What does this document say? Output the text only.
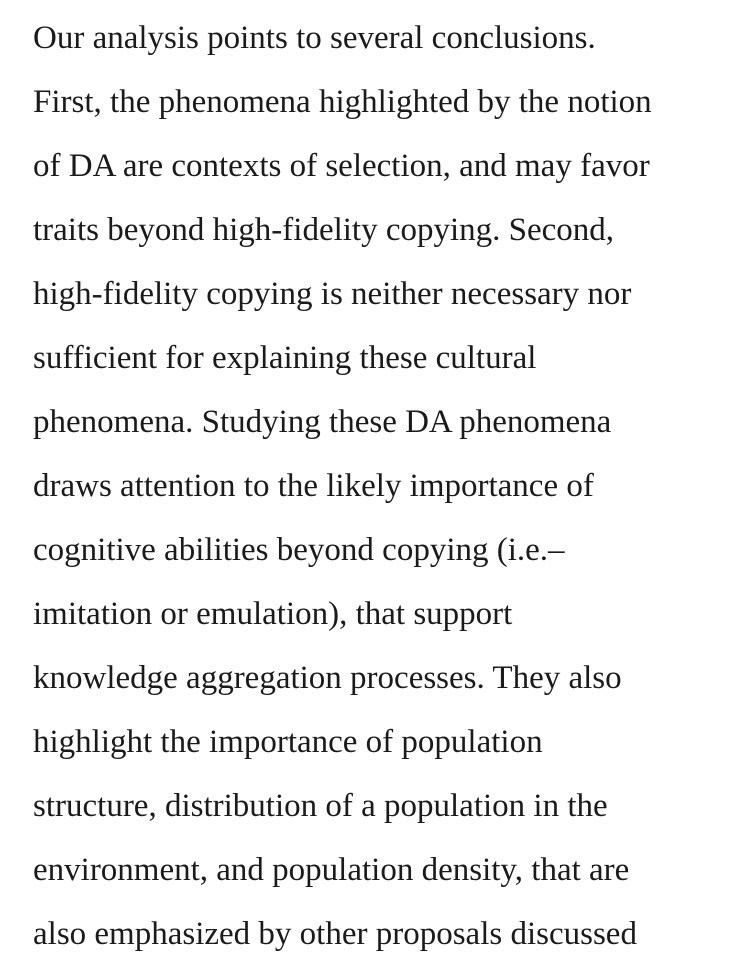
Our analysis points to several conclusions.
First, the phenomena highlighted by the notion
of DA are contexts of selection, and may favor
traits beyond high-fidelity copying. Second,
high-fidelity copying is neither necessary nor
sufficient for explaining these cultural
phenomena. Studying these DA phenomena
draws attention to the likely importance of
cognitive abilities beyond copying (i.e.–
imitation or emulation), that support
knowledge aggregation processes. They also
highlight the importance of population
structure, distribution of a population in the
environment, and population density, that are
also emphasized by other proposals discussed
